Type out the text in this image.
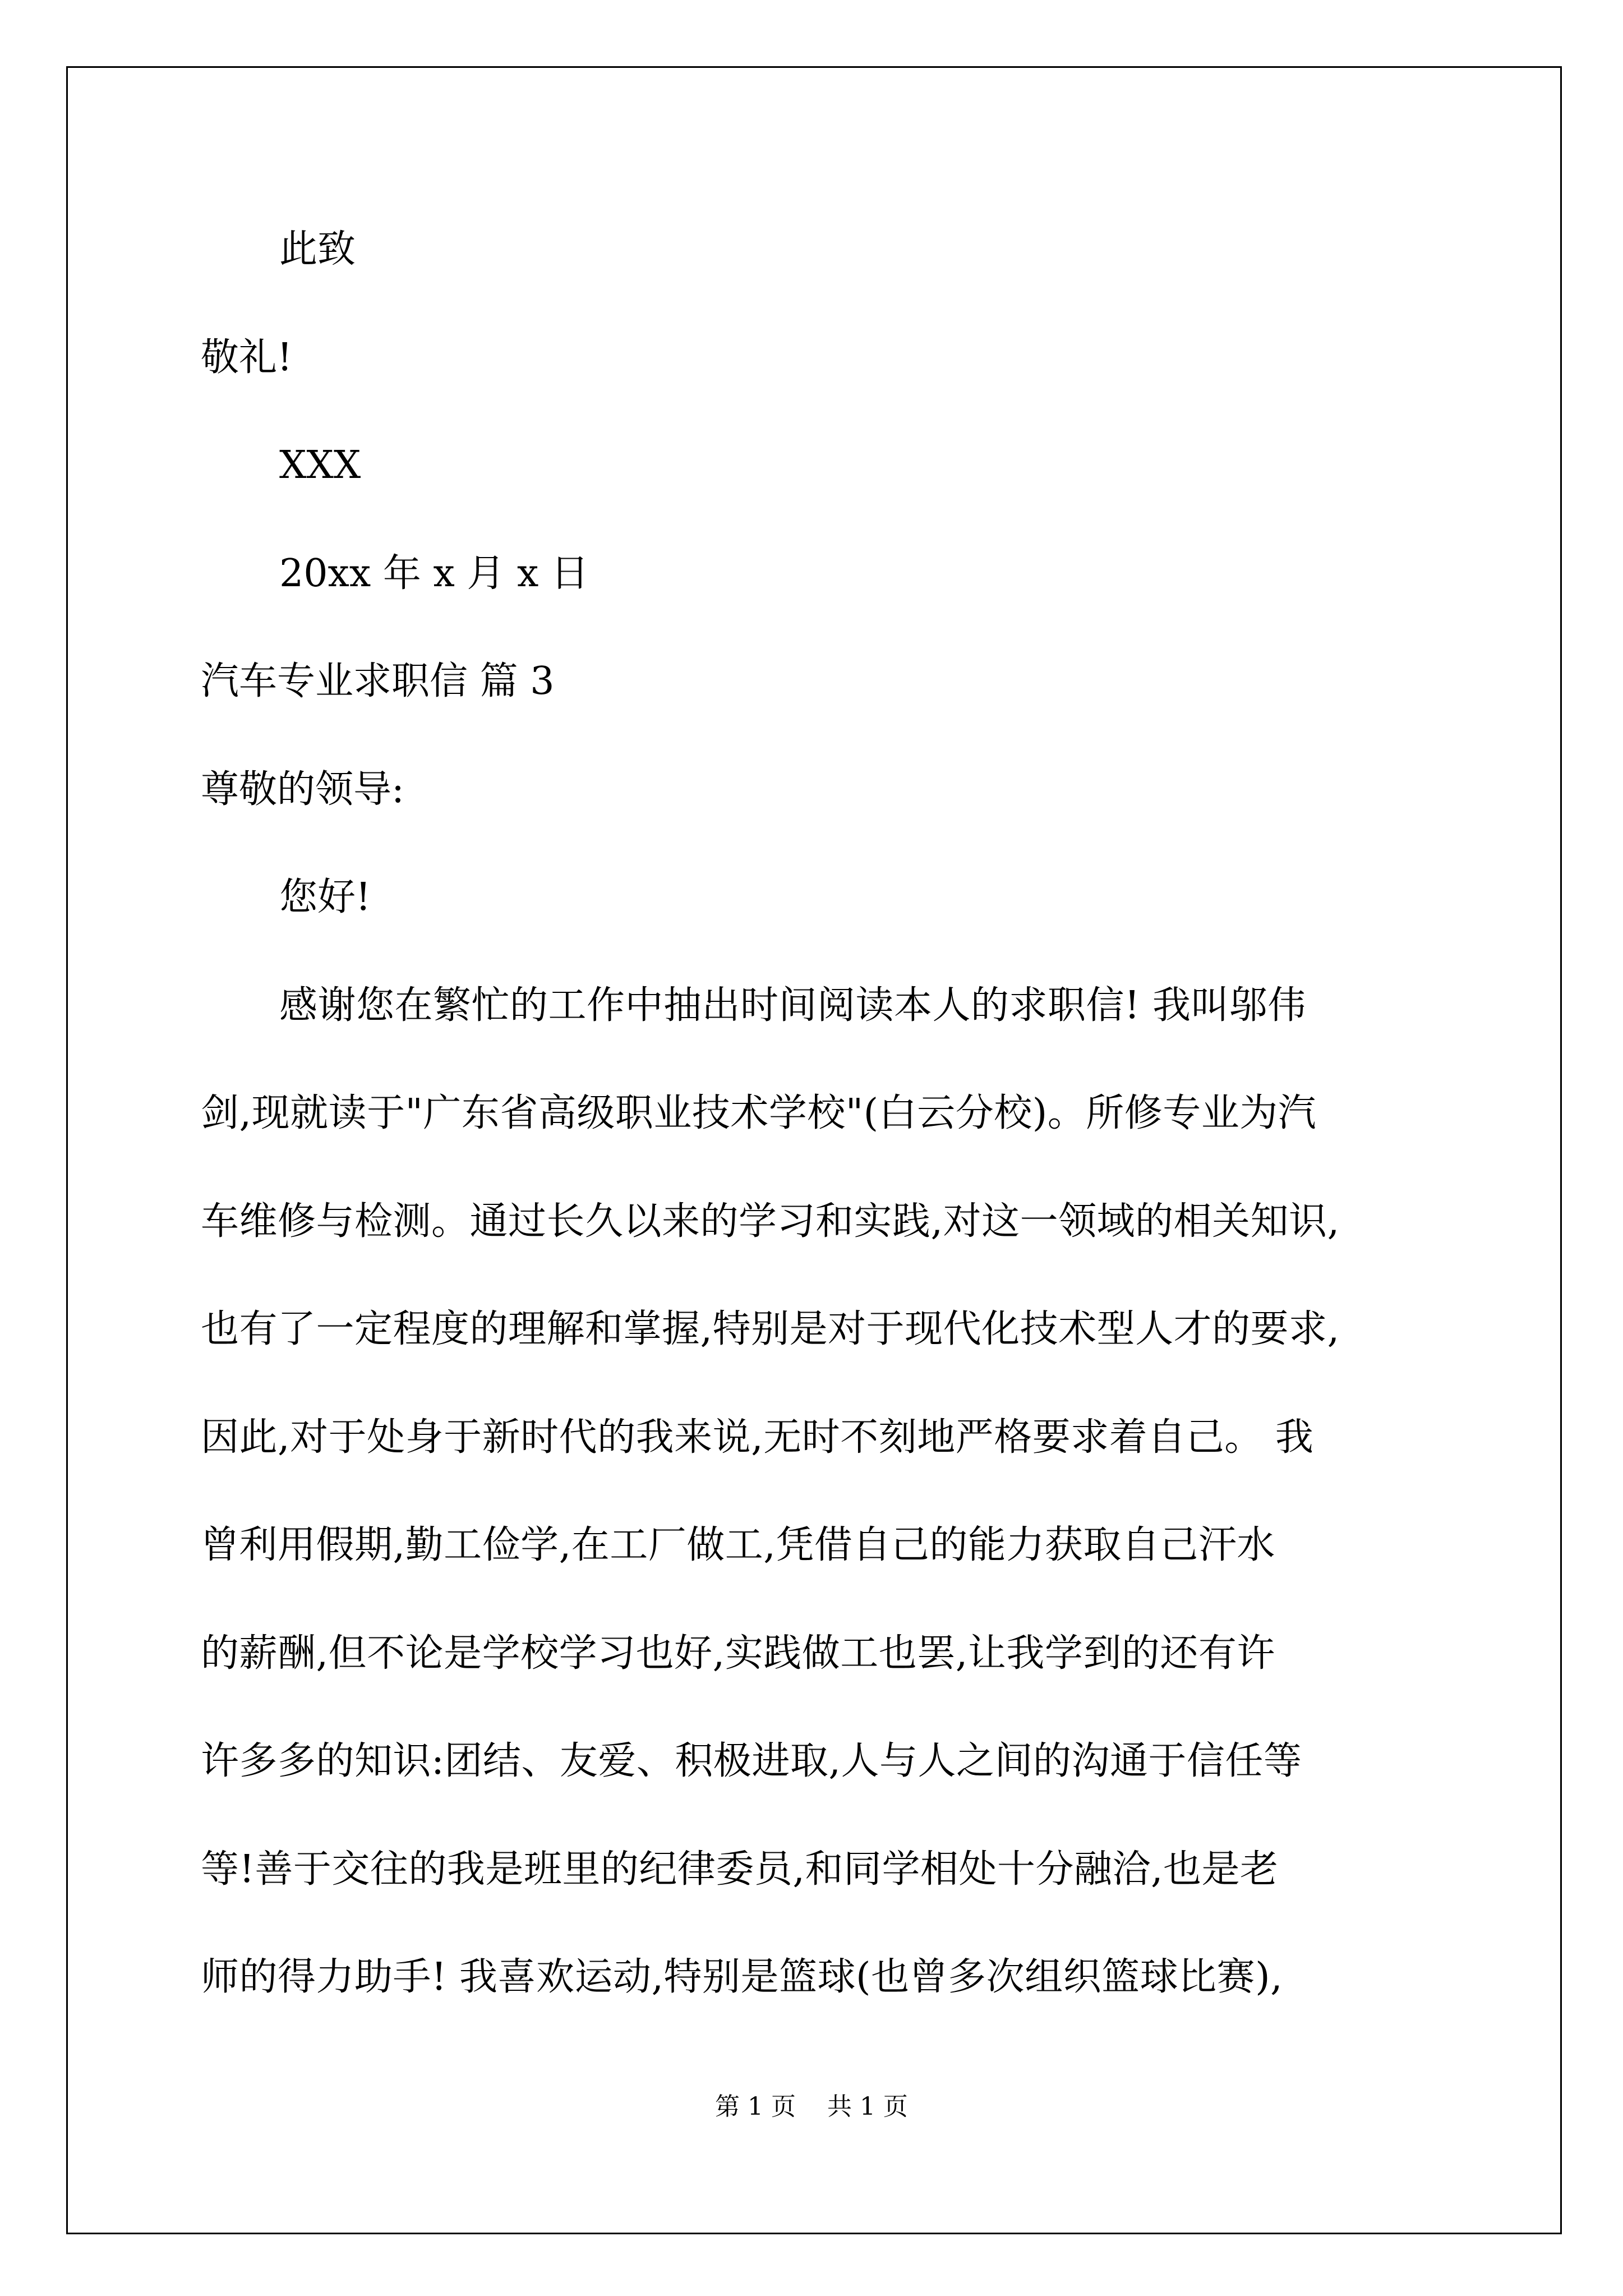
此致
敬礼!
XXX
20xx 年 x 月 x 日
汽车专业求职信 篇 3
尊敬的领导:
您好!
感谢您在繁忙的工作中抽出时间阅读本人的求职信! 我叫邬伟
剑,现就读于"广东省高级职业技术学校"(白云分校)。所修专业为汽
车维修与检测。通过长久以来的学习和实践,对这一领域的相关知识,
也有了一定程度的理解和掌握,特别是对于现代化技术型人才的要求,
因此,对于处身于新时代的我来说,无时不刻地严格要求着自己。 我
曾利用假期,勤工俭学,在工厂做工,凭借自己的能力获取自己汗水
的薪酬,但不论是学校学习也好,实践做工也罢,让我学到的还有许
许多多的知识:团结、友爱、积极进取,人与人之间的沟通于信任等
等!善于交往的我是班里的纪律委员,和同学相处十分融洽,也是老
师的得力助手! 我喜欢运动,特别是篮球(也曾多次组织篮球比赛),
第 1 页    共 1 页
